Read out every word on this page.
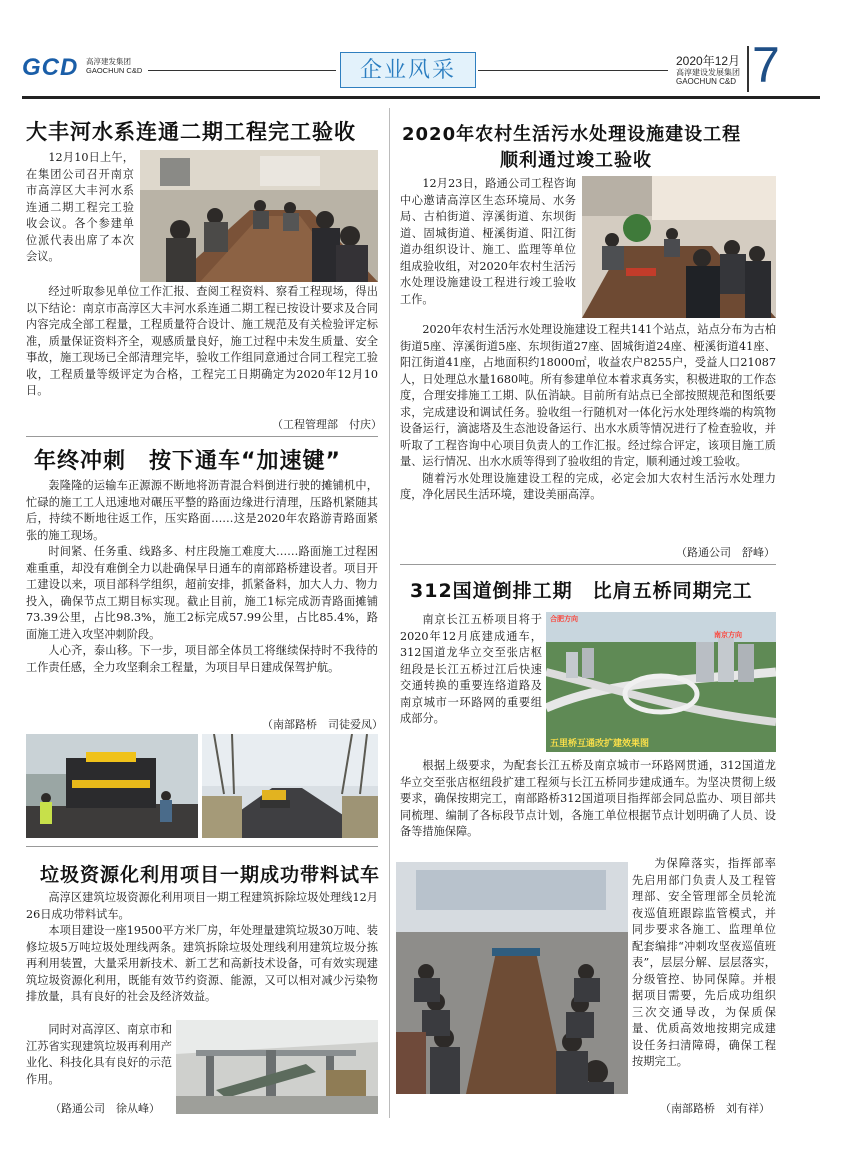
GCD 高淳建发集团
GAOCHUN C&D	企业风采	2020年12月
高淳建设发展集团
GAOCHUN C&D 7
大丰河水系连通二期工程完工验收

12月10日上午，在集团公司召开南京市高淳区大丰河水系连通二期工程完工验收会议。各个参建单位派代表出席了本次会议。

经过听取参见单位工作汇报、查阅工程资料、察看工程现场，得出以下结论：南京市高淳区大丰河水系连通二期工程已按设计要求及合同内容完成全部工程量，工程质量符合设计、施工规范及有关检验评定标准，质量保证资料齐全，观感质量良好，施工过程中未发生质量、安全事故，施工现场已全部清理完毕，验收工作组同意通过合同工程完工验收，工程质量等级评定为合格，工程完工日期确定为2020年12月10日。

（工程管理部　付庆）
年终冲刺　按下通车“加速键”

轰隆隆的运输车正源源不断地将沥青混合料倒进行驶的摊铺机中，忙碌的施工工人迅速地对碾压平整的路面边缘进行清理，压路机紧随其后，持续不断地往返工作，压实路面……这是2020年农路游青路面紧张的施工现场。

时间紧、任务重、线路多、村庄段施工难度大……路面施工过程困难重重，却没有难倒全力以赴确保早日通车的南部路桥建设者。项目开工建设以来，项目部科学组织，超前安排，抓紧备料，加大人力、物力投入，确保节点工期目标实现。截止目前，施工1标完成沥青路面摊铺73.39公里，占比98.3%，施工2标完成57.99公里，占比85.4%，路面施工进入攻坚冲刺阶段。

人心齐，泰山移。下一步，项目部全体员工将继续保持时不我待的工作责任感，全力攻坚剩余工程量，为项目早日建成保驾护航。

（南部路桥　司徒爱凤）
垃圾资源化利用项目一期成功带料试车

高淳区建筑垃圾资源化利用项目一期工程建筑拆除垃圾处理线12月26日成功带料试车。

本项目建设一座19500平方米厂房，年处理量建筑垃圾30万吨、装修垃圾5万吨垃圾处理线两条。建筑拆除垃圾处理线利用建筑垃圾分拣再利用装置，大量采用新技术、新工艺和高新技术设备，可有效实现建筑垃圾资源化利用，既能有效节约资源、能源，又可以相对减少污染物排放量，具有良好的社会及经济效益。

同时对高淳区、南京市和江苏省实现建筑垃圾再利用产业化、科技化具有良好的示范作用。

（路通公司　徐从峰）
2020年农村生活污水处理设施建设工程
顺利通过竣工验收

12月23日，路通公司工程咨询中心邀请高淳区生态环境局、水务局、古柏街道、淳溪街道、东坝街道、固城街道、桠溪街道、阳江街道办组织设计、施工、监理等单位组成验收组，对2020年农村生活污水处理设施建设工程进行竣工验收工作。

2020年农村生活污水处理设施建设工程共141个站点，站点分布为古柏街道5座、淳溪街道5座、东坝街道27座、固城街道24座、桠溪街道41座、阳江街道41座，占地面积约18000㎡，收益农户8255户，受益人口21087人，日处理总水量1680吨。所有参建单位本着求真务实，积极进取的工作态度，合理安排施工工期、队伍消缺。目前所有站点已全部按照规范和图纸要求，完成建设和调试任务。验收组一行随机对一体化污水处理终端的构筑物设备运行，滴滤塔及生态池设备运行、出水水质等情况进行了检查验收，并听取了工程咨询中心项目负责人的工作汇报。经过综合评定，该项目施工质量、运行情况、出水水质等得到了验收组的肯定，顺利通过竣工验收。

随着污水处理设施建设工程的完成，必定会加大农村生活污水处理力度，净化居民生活环境，建设美丽高淳。

（路通公司　舒峰）
312国道倒排工期　比肩五桥同期完工

南京长江五桥项目将于2020年12月底建成通车，312国道龙华立交至张店枢纽段是长江五桥过江后快速交通转换的重要连络道路及南京城市一环路网的重要组成部分。

合肥方向
南京方向
五里桥互通改扩建效果图

根据上级要求，为配套长江五桥及南京城市一环路网贯通，312国道龙华立交至张店枢纽段扩建工程须与长江五桥同步建成通车。为坚决贯彻上级要求，确保按期完工，南部路桥312国道项目指挥部会同总监办、项目部共同梳理、编制了各标段节点计划，各施工单位根据节点计划明确了人员、设备等措施保障。

为保障落实，指挥部率先启用部门负责人及工程管理部、安全管理部全员轮流夜巡值班跟踪监管模式，并同步要求各施工、监理单位配套编排“冲刺攻坚夜巡值班表”，层层分解、层层落实，分级管控、协同保障。并根据项目需要，先后成功组织三次交通导改，为保质保量、优质高效地按期完成建设任务扫清障碍，确保工程按期完工。

（南部路桥　刘有祥）
